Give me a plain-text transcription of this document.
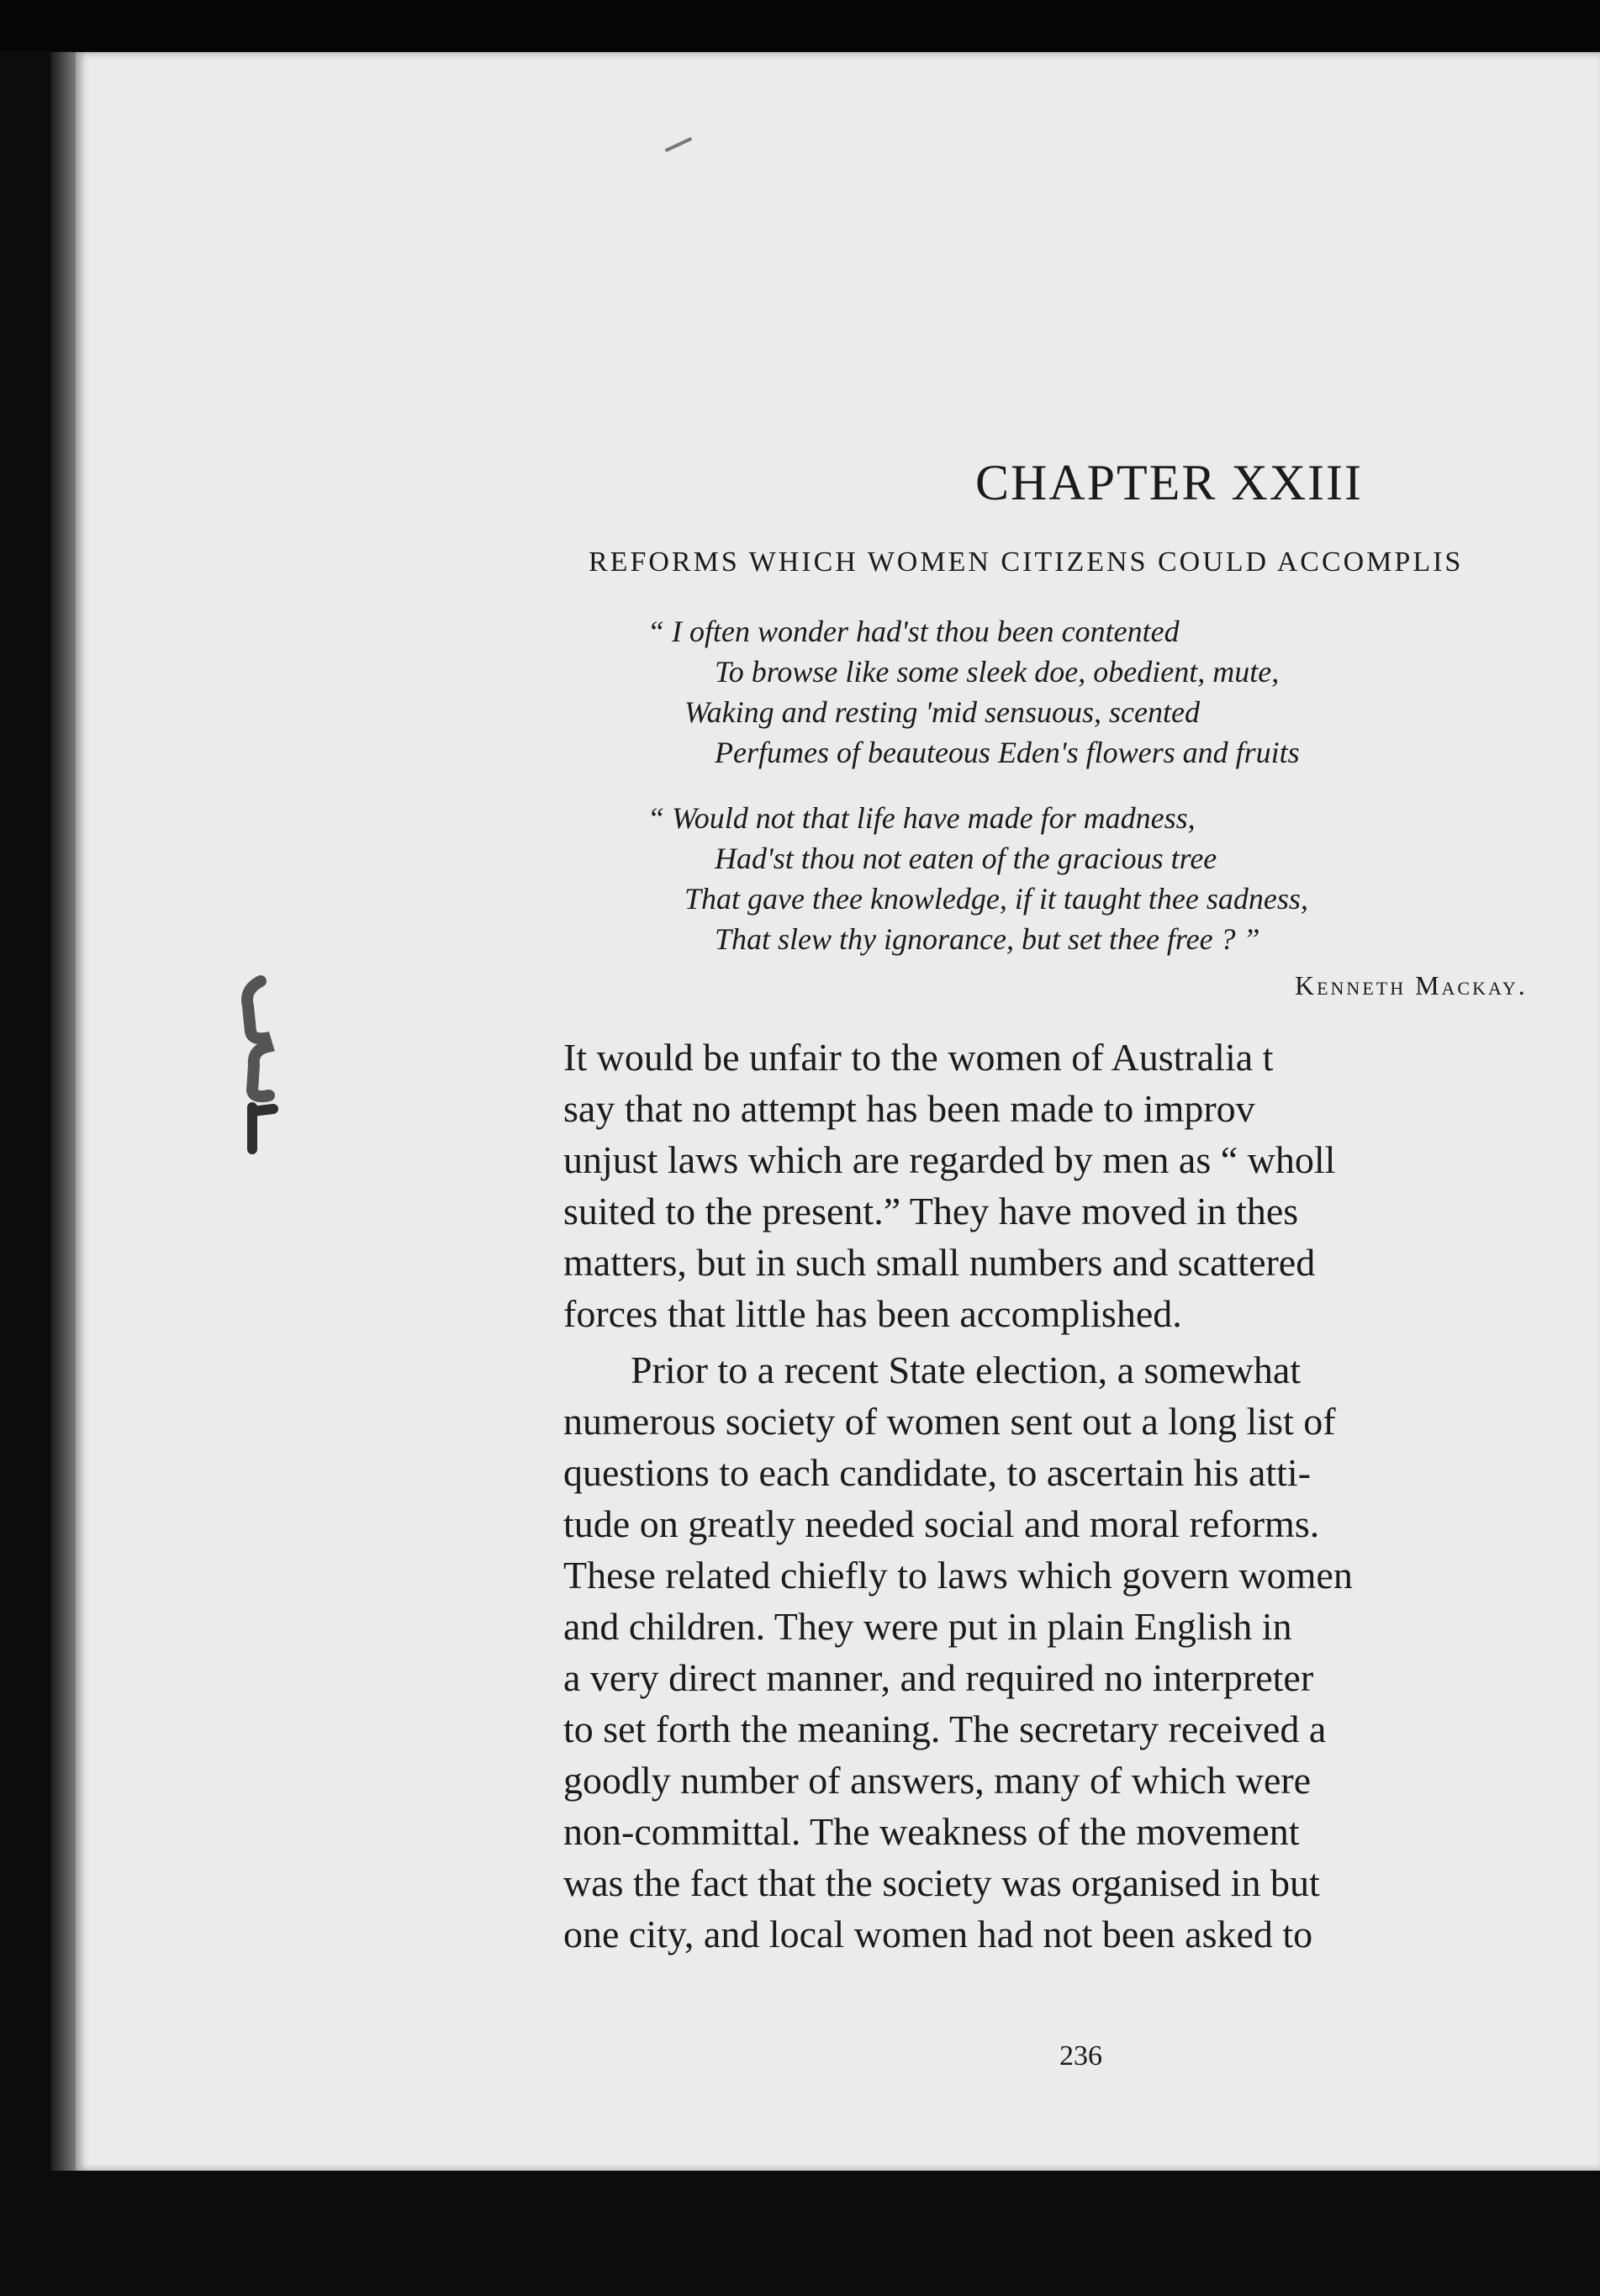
CHAPTER XXIII
REFORMS WHICH WOMEN CITIZENS COULD ACCOMPLIS
“ I often wonder had'st thou been contented
To browse like some sleek doe, obedient, mute,
Waking and resting 'mid sensuous, scented
Perfumes of beauteous Eden's flowers and fruits
“ Would not that life have made for madness,
Had'st thou not eaten of the gracious tree
That gave thee knowledge, if it taught thee sadness,
That slew thy ignorance, but set thee free ? ”
Kenneth Mackay.

It would be unfair to the women of Australia t
say that no attempt has been made to improv
unjust laws which are regarded by men as “ wholl
suited to the present.” They have moved in thes
matters, but in such small numbers and scattered
forces that little has been accomplished.

Prior to a recent State election, a somewhat
numerous society of women sent out a long list of
questions to each candidate, to ascertain his atti-
tude on greatly needed social and moral reforms.
These related chiefly to laws which govern women
and children. They were put in plain English in
a very direct manner, and required no interpreter
to set forth the meaning. The secretary received a
goodly number of answers, many of which were
non-committal. The weakness of the movement
was the fact that the society was organised in but
one city, and local women had not been asked to

236
